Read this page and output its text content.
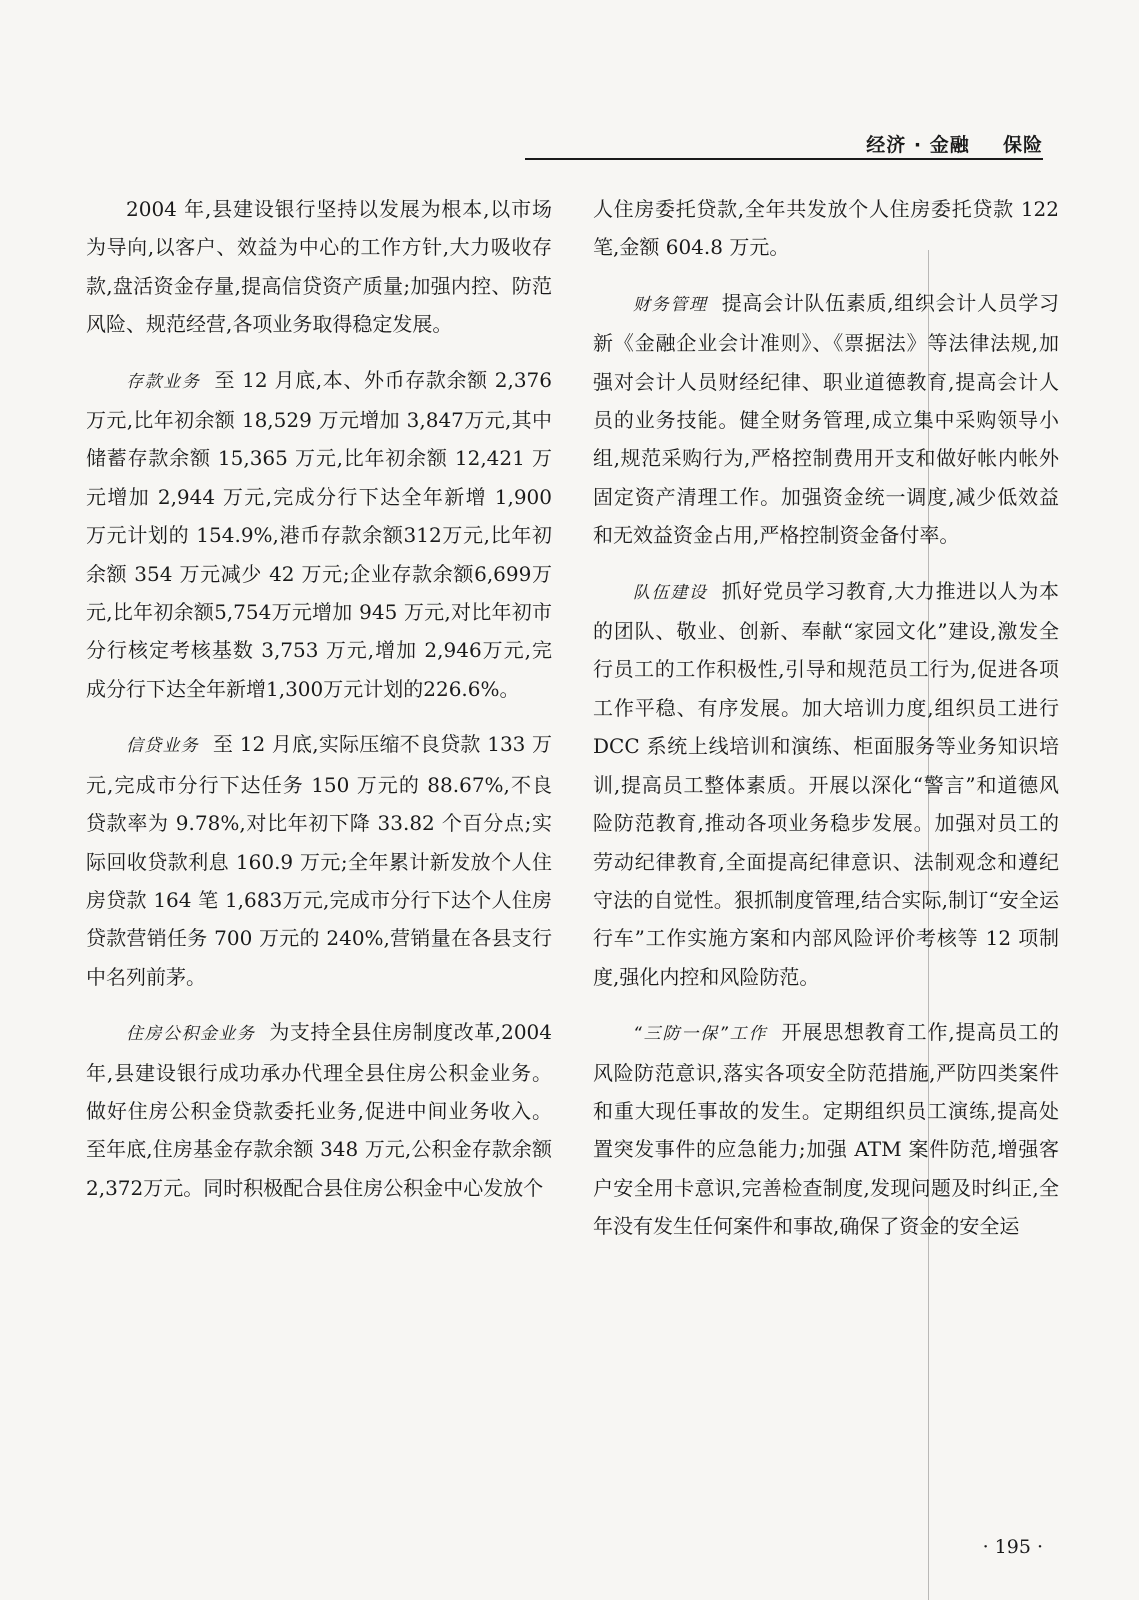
经济 · 金融 保险

2004 年,县建设银行坚持以发展为根本,以市场为导向,以客户、效益为中心的工作方针,大力吸收存款,盘活资金存量,提高信贷资产质量;加强内控、防范风险、规范经营,各项业务取得稳定发展。

存款业务 至 12 月底,本、外币存款余额 2,376 万元,比年初余额 18,529 万元增加 3,847万元,其中储蓄存款余额 15,365 万元,比年初余额 12,421 万元增加 2,944 万元,完成分行下达全年新增 1,900 万元计划的 154.9%,港币存款余额312万元,比年初余额 354 万元减少 42 万元;企业存款余额6,699万元,比年初余额5,754万元增加 945 万元,对比年初市分行核定考核基数 3,753 万元,增加 2,946万元,完成分行下达全年新增1,300万元计划的226.6%。

信贷业务 至 12 月底,实际压缩不良贷款 133 万元,完成市分行下达任务 150 万元的 88.67%,不良贷款率为 9.78%,对比年初下降 33.82 个百分点;实际回收贷款利息 160.9 万元;全年累计新发放个人住房贷款 164 笔 1,683万元,完成市分行下达个人住房贷款营销任务 700 万元的 240%,营销量在各县支行中名列前茅。

住房公积金业务 为支持全县住房制度改革,2004 年,县建设银行成功承办代理全县住房公积金业务。做好住房公积金贷款委托业务,促进中间业务收入。至年底,住房基金存款余额 348 万元,公积金存款余额2,372万元。同时积极配合县住房公积金中心发放个

人住房委托贷款,全年共发放个人住房委托贷款 122 笔,金额 604.8 万元。

财务管理 提高会计队伍素质,组织会计人员学习新《金融企业会计准则》、《票据法》等法律法规,加强对会计人员财经纪律、职业道德教育,提高会计人员的业务技能。健全财务管理,成立集中采购领导小组,规范采购行为,严格控制费用开支和做好帐内帐外固定资产清理工作。加强资金统一调度,减少低效益和无效益资金占用,严格控制资金备付率。

队伍建设 抓好党员学习教育,大力推进以人为本的团队、敬业、创新、奉献“家园文化”建设,激发全行员工的工作积极性,引导和规范员工行为,促进各项工作平稳、有序发展。加大培训力度,组织员工进行 DCC 系统上线培训和演练、柜面服务等业务知识培训,提高员工整体素质。开展以深化“警言”和道德风险防范教育,推动各项业务稳步发展。加强对员工的劳动纪律教育,全面提高纪律意识、法制观念和遵纪守法的自觉性。狠抓制度管理,结合实际,制订“安全运行车”工作实施方案和内部风险评价考核等 12 项制度,强化内控和风险防范。

“三防一保”工作 开展思想教育工作,提高员工的风险防范意识,落实各项安全防范措施,严防四类案件和重大现任事故的发生。定期组织员工演练,提高处置突发事件的应急能力;加强 ATM 案件防范,增强客户安全用卡意识,完善检查制度,发现问题及时纠正,全年没有发生任何案件和事故,确保了资金的安全运

· 195 ·
